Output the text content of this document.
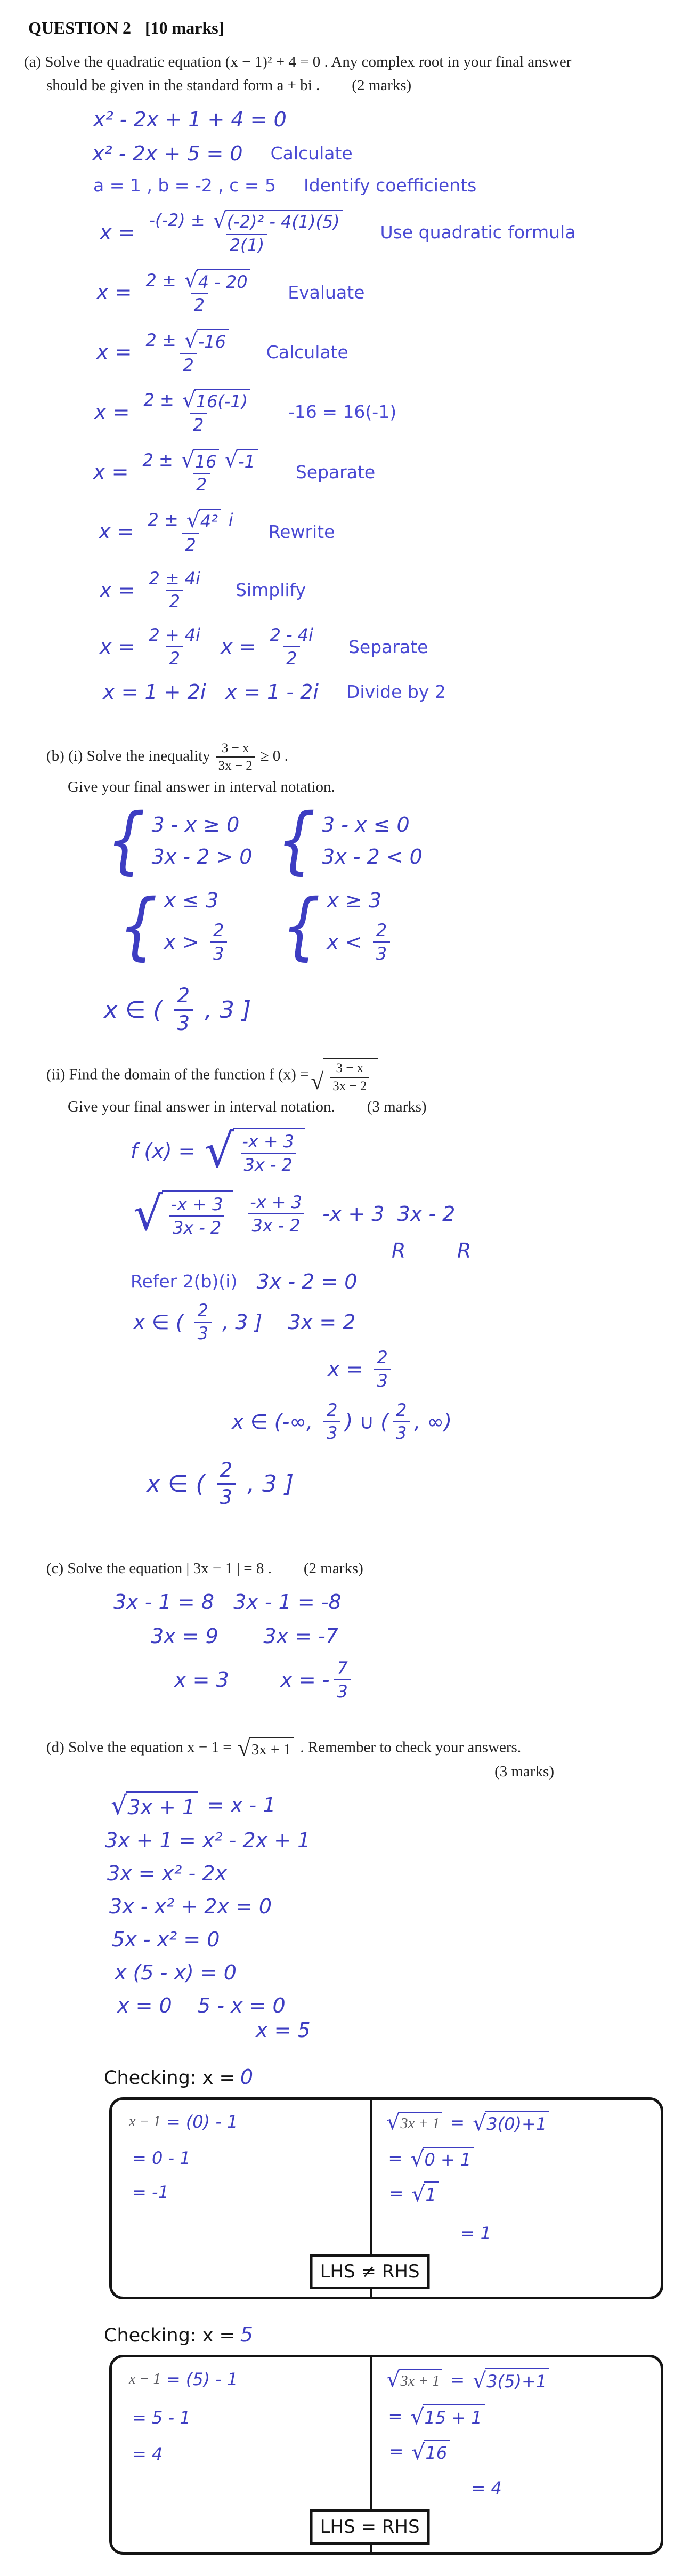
QUESTION 2 [10 marks]

(a) Solve the quadratic equation (x − 1)² + 4 = 0 . Any complex root in your final answer

should be given in the standard form a + bi . (2 marks)

x² - 2x + 1 + 4 = 0
x² - 2x + 5 = 0 Calculate
a = 1 , b = -2 , c = 5 Identify coefficients
$x = \frac{\text{-(-2) ± √ (-2)² - 4(1)(5)}}{2(1)}$ Use quadratic formula
$x = \frac{2 \pm √ 4 - 20}{2}$ Evaluate
$x = \frac{2 \pm √ -16}{2}$ Calculate
$x = \frac{2 \pm √ 16(-1)}{2} -16 = 16(-1)$
$x = \frac{2 \pm √ 16 √ -1}{2}$ Separate
$x = \frac{\text{2 ± √ 4² i}}{2}$ Rewrite
$x = \frac{2 \pm 4i}{2}$ Simplify
$x = \frac{2 + 4i}{2}$ $x = \frac{2 - 4i}{2}$ Separate
x = 1 + 2i   x = 1 - 2i Divide by 2

(b) (i) Solve the inequality $\frac{3 - x}{3x - 2} \ge 0$ .

Give your final answer in interval notation.

{ 3 - x ≥ 0
3x - 2 > 0 { 3 - x ≤ 0
3x - 2 < 0
{ x ≤ 3
$x > \frac{2}{3}$
{ x ≥ 3
$x < \frac{2}{3}$
x ∈ ( $\frac{2}{3}$ , 3 ]

(ii) Find the domain of the function f (x) = √ $\frac{3 - x}{3x - 2}$

Give your final answer in interval notation. (3 marks)

f (x) = √ $\frac{-x + 3}{3x - 2}$
√ $\frac{-x + 3}{3x - 2}$
$\frac{-x + 3}{3x - 2} -x + 3$  3x - 2
R        R
Refer 2(b)(i) 3x - 2 = 0
x ∈ ( $\frac{2}{3}$ , 3 ]    3x = 2
$x = \frac{2}{3}$
x ∈ (-∞, $\frac{2}{3}$ ) ∪ ( $\frac{2}{3}$ , ∞)
x ∈ ( $\frac{2}{3}$ , 3 ]

(c) Solve the equation | 3x − 1 | = 8 . (2 marks)

3x - 1 = 8   3x - 1 = -8
3x = 9       3x = -7
x = 3        x = - $\frac{7}{3}$

(d) Solve the equation x − 1 = √ 3x + 1 . Remember to check your answers.

(3 marks)

√ 3x + 1 = x - 1
3x + 1 = x² - 2x + 1
3x = x² - 2x
3x - x² + 2x = 0
5x - x² = 0
x (5 - x) = 0
x = 0    5 - x = 0
x = 5
Checking: x = 0
x − 1 = (0) - 1
= 0 - 1
= -1
√ 3x + 1 = √ 3(0)+1
= √ 0 + 1
= √ 1
= 1
LHS ≠ RHS
Checking: x = 5
x − 1 = (5) - 1
= 5 - 1
= 4
√ 3x + 1 = √ 3(5)+1
= √ 15 + 1
= √ 16
= 4
LHS = RHS
